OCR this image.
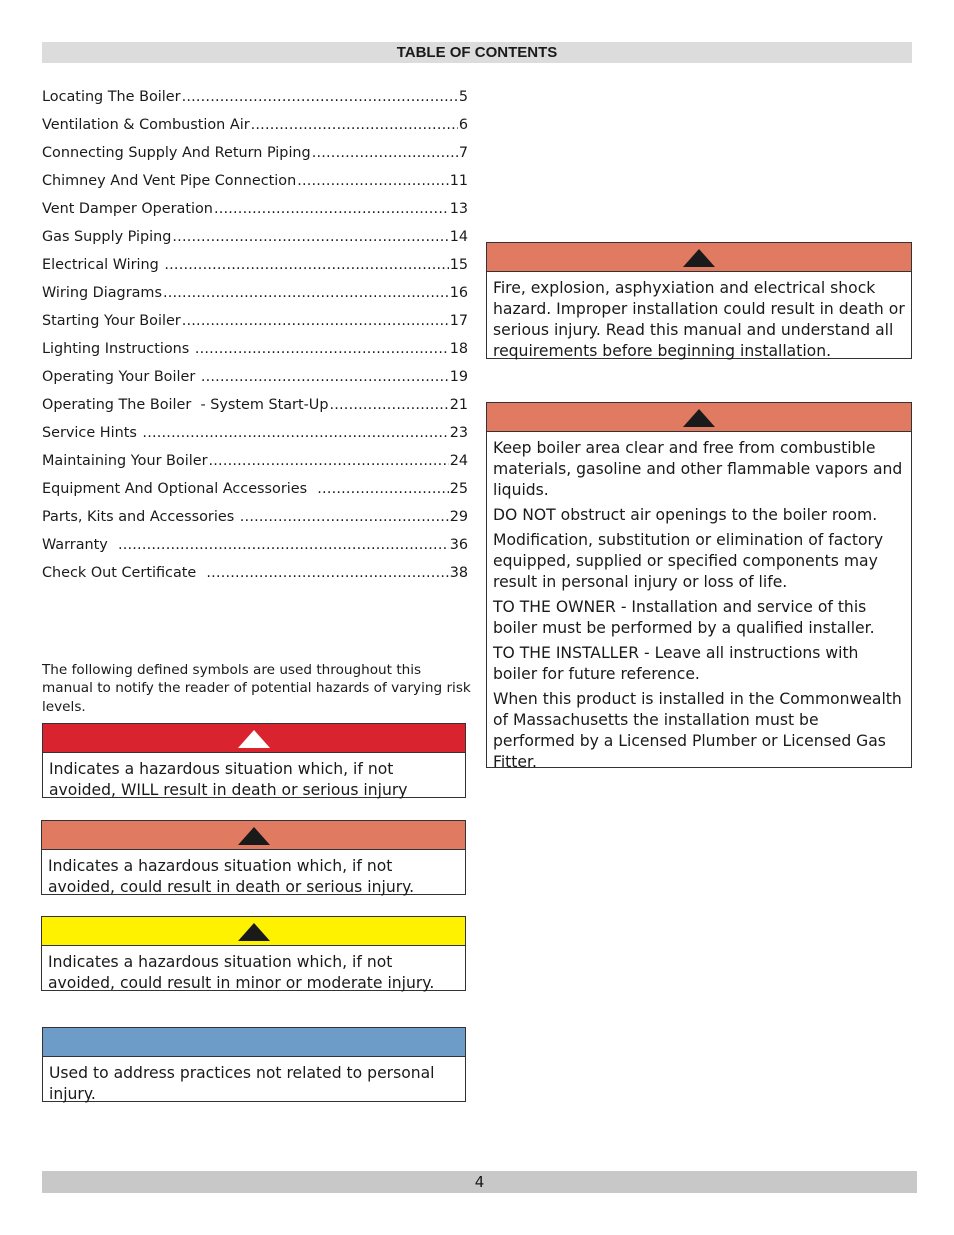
TABLE OF CONTENTS
Locating The Boiler .....	5
Ventilation & Combustion Air .....	6
Connecting Supply And Return Piping .....	7
Chimney And Vent Pipe Connection .....	11
Vent Damper Operation .....	13
Gas Supply Piping .....	14
Electrical Wiring .....	15
Wiring Diagrams .....	16
Starting Your Boiler .....	17
Lighting Instructions .....	18
Operating Your Boiler .....	19
Operating The Boiler  - System Start-Up .....	21
Service Hints .....	23
Maintaining Your Boiler .....	24
Equipment And Optional Accessories .....	25
Parts, Kits and Accessories .....	29
Warranty .....	36
Check Out Certificate .....	38

The following defined symbols are used throughout this manual to notify the reader of potential hazards of varying risk levels.

Indicates a hazardous situation which, if not avoided, WILL result in death or serious injury
Indicates a hazardous situation which, if not avoided, could result in death or serious injury.
Indicates a hazardous situation which, if not avoided, could result in minor or moderate injury.
Used to address practices not related to personal injury.
Fire, explosion, asphyxiation and electrical shock hazard. Improper installation could result in death or serious injury. Read this manual and understand all requirements before beginning installation.

Keep boiler area clear and free from combustible materials, gasoline and other flammable vapors and liquids.

DO NOT obstruct air openings to the boiler room.

Modification, substitution or elimination of factory equipped, supplied or specified components may result in personal injury or loss of life.

TO THE OWNER - Installation and service of this boiler must be performed by a qualified installer.

TO THE INSTALLER - Leave all instructions with boiler for future reference.

When this product is installed in the Commonwealth of Massachusetts the installation must be performed by a Licensed Plumber or Licensed Gas Fitter.

4
